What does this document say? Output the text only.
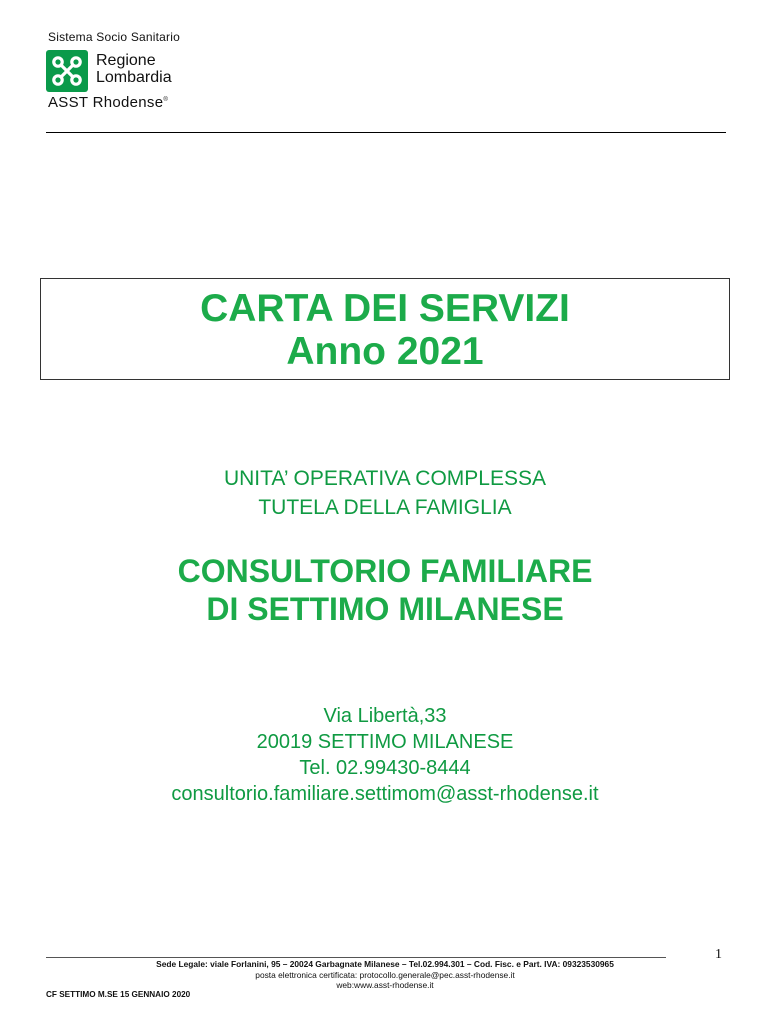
Sistema Socio Sanitario
Regione
Lombardia
ASST Rhodense®
CARTA DEI SERVIZI
Anno 2021
UNITA’ OPERATIVA COMPLESSA
TUTELA DELLA FAMIGLIA
CONSULTORIO FAMILIARE
DI SETTIMO MILANESE
Via Libertà,33
20019 SETTIMO MILANESE
Tel. 02.99430-8444
consultorio.familiare.settimom@asst-rhodense.it
1
Sede Legale: viale Forlanini, 95 – 20024 Garbagnate Milanese – Tel.02.994.301 – Cod. Fisc. e Part. IVA: 09323530965
posta elettronica certificata: protocollo.generale@pec.asst-rhodense.it
web:www.asst-rhodense.it
CF SETTIMO M.SE 15 GENNAIO 2020
